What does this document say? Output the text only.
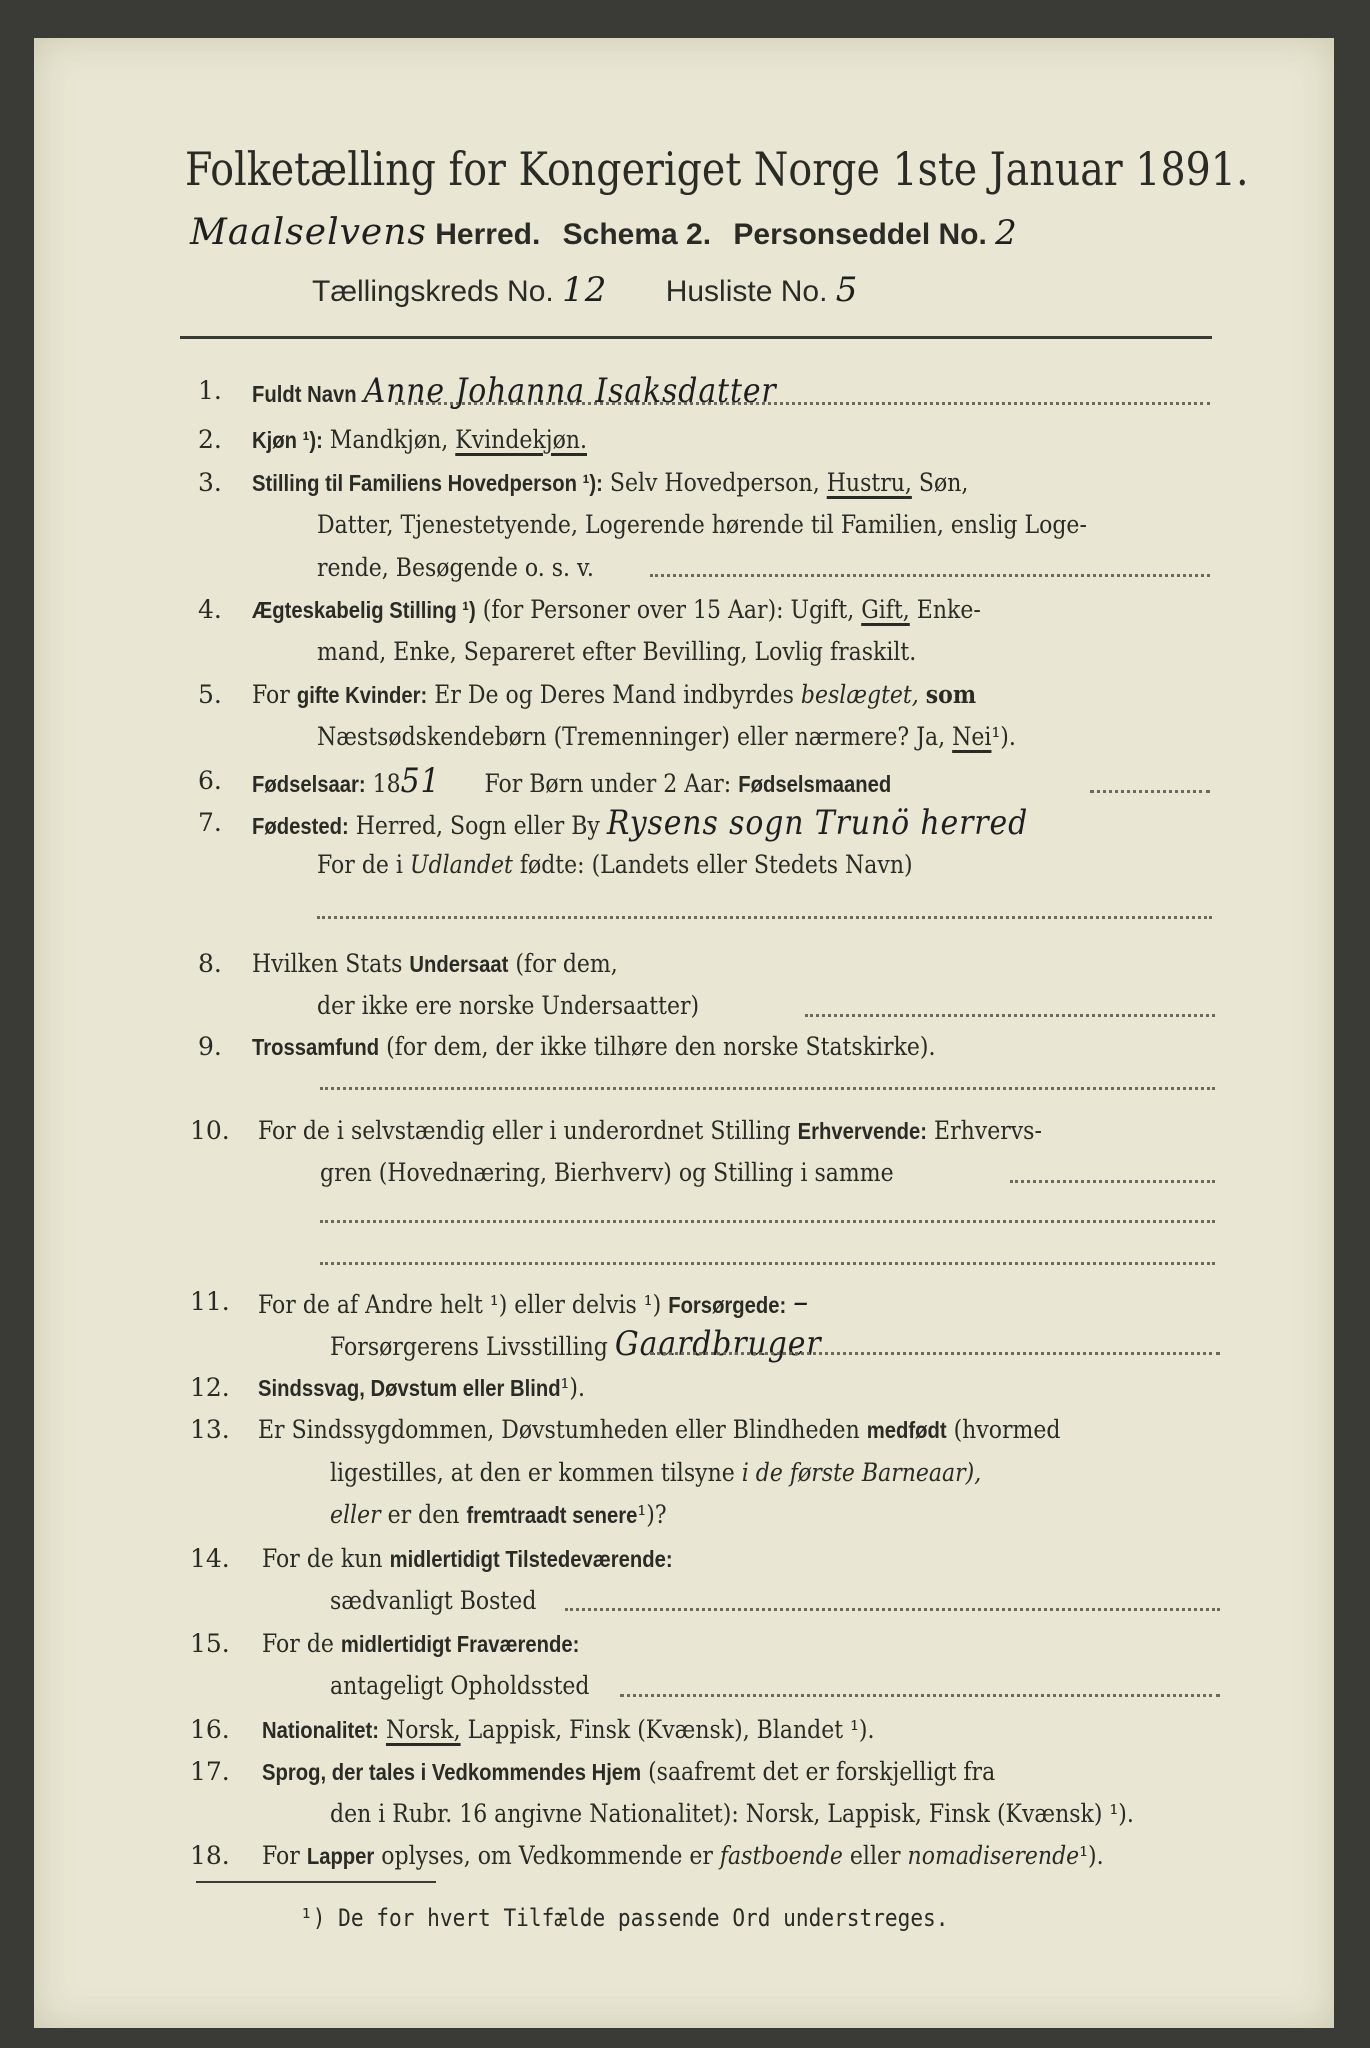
Folketælling for Kongeriget Norge 1ste Januar 1891.
Maalselvens Herred. Schema 2. Personseddel No. 2
Tællingskreds No. 12 Husliste No. 5
1. Fuldt Navn Anne Johanna Isaksdatter
2. Kjøn ¹): Mandkjøn, Kvindekjøn.
3. Stilling til Familiens Hovedperson ¹): Selv Hovedperson, Hustru, Søn,
Datter, Tjenestetyende, Logerende hørende til Familien, enslig Loge-
rende, Besøgende o. s. v.
4. Ægteskabelig Stilling ¹) (for Personer over 15 Aar): Ugift, Gift, Enke-
mand, Enke, Separeret efter Bevilling, Lovlig fraskilt.
5. For gifte Kvinder: Er De og Deres Mand indbyrdes beslægtet, som
Næstsødskendebørn (Tremenninger) eller nærmere? Ja, Nei¹).
6. Fødselsaar: 1851 For Børn under 2 Aar: Fødselsmaaned
7. Fødested: Herred, Sogn eller By Rysens sogn Trunö herred
For de i Udlandet fødte: (Landets eller Stedets Navn)
8. Hvilken Stats Undersaat (for dem,
der ikke ere norske Undersaatter)
9. Trossamfund (for dem, der ikke tilhøre den norske Statskirke).
10. For de i selvstændig eller i underordnet Stilling Erhvervende: Erhvervs-
gren (Hovednæring, Bierhverv) og Stilling i samme
11. For de af Andre helt ¹) eller delvis ¹) Forsørgede: –
Forsørgerens Livsstilling Gaardbruger
12. Sindssvag, Døvstum eller Blind¹).
13. Er Sindssygdommen, Døvstumheden eller Blindheden medfødt (hvormed
ligestilles, at den er kommen tilsyne i de første Barneaar),
eller er den fremtraadt senere¹)?
14. For de kun midlertidigt Tilstedeværende:
sædvanligt Bosted
15. For de midlertidigt Fraværende:
antageligt Opholdssted
16. Nationalitet: Norsk, Lappisk, Finsk (Kvænsk), Blandet ¹).
17. Sprog, der tales i Vedkommendes Hjem (saafremt det er forskjelligt fra
den i Rubr. 16 angivne Nationalitet): Norsk, Lappisk, Finsk (Kvænsk) ¹).
18. For Lapper oplyses, om Vedkommende er fastboende eller nomadiserende¹).
¹) De for hvert Tilfælde passende Ord understreges.
